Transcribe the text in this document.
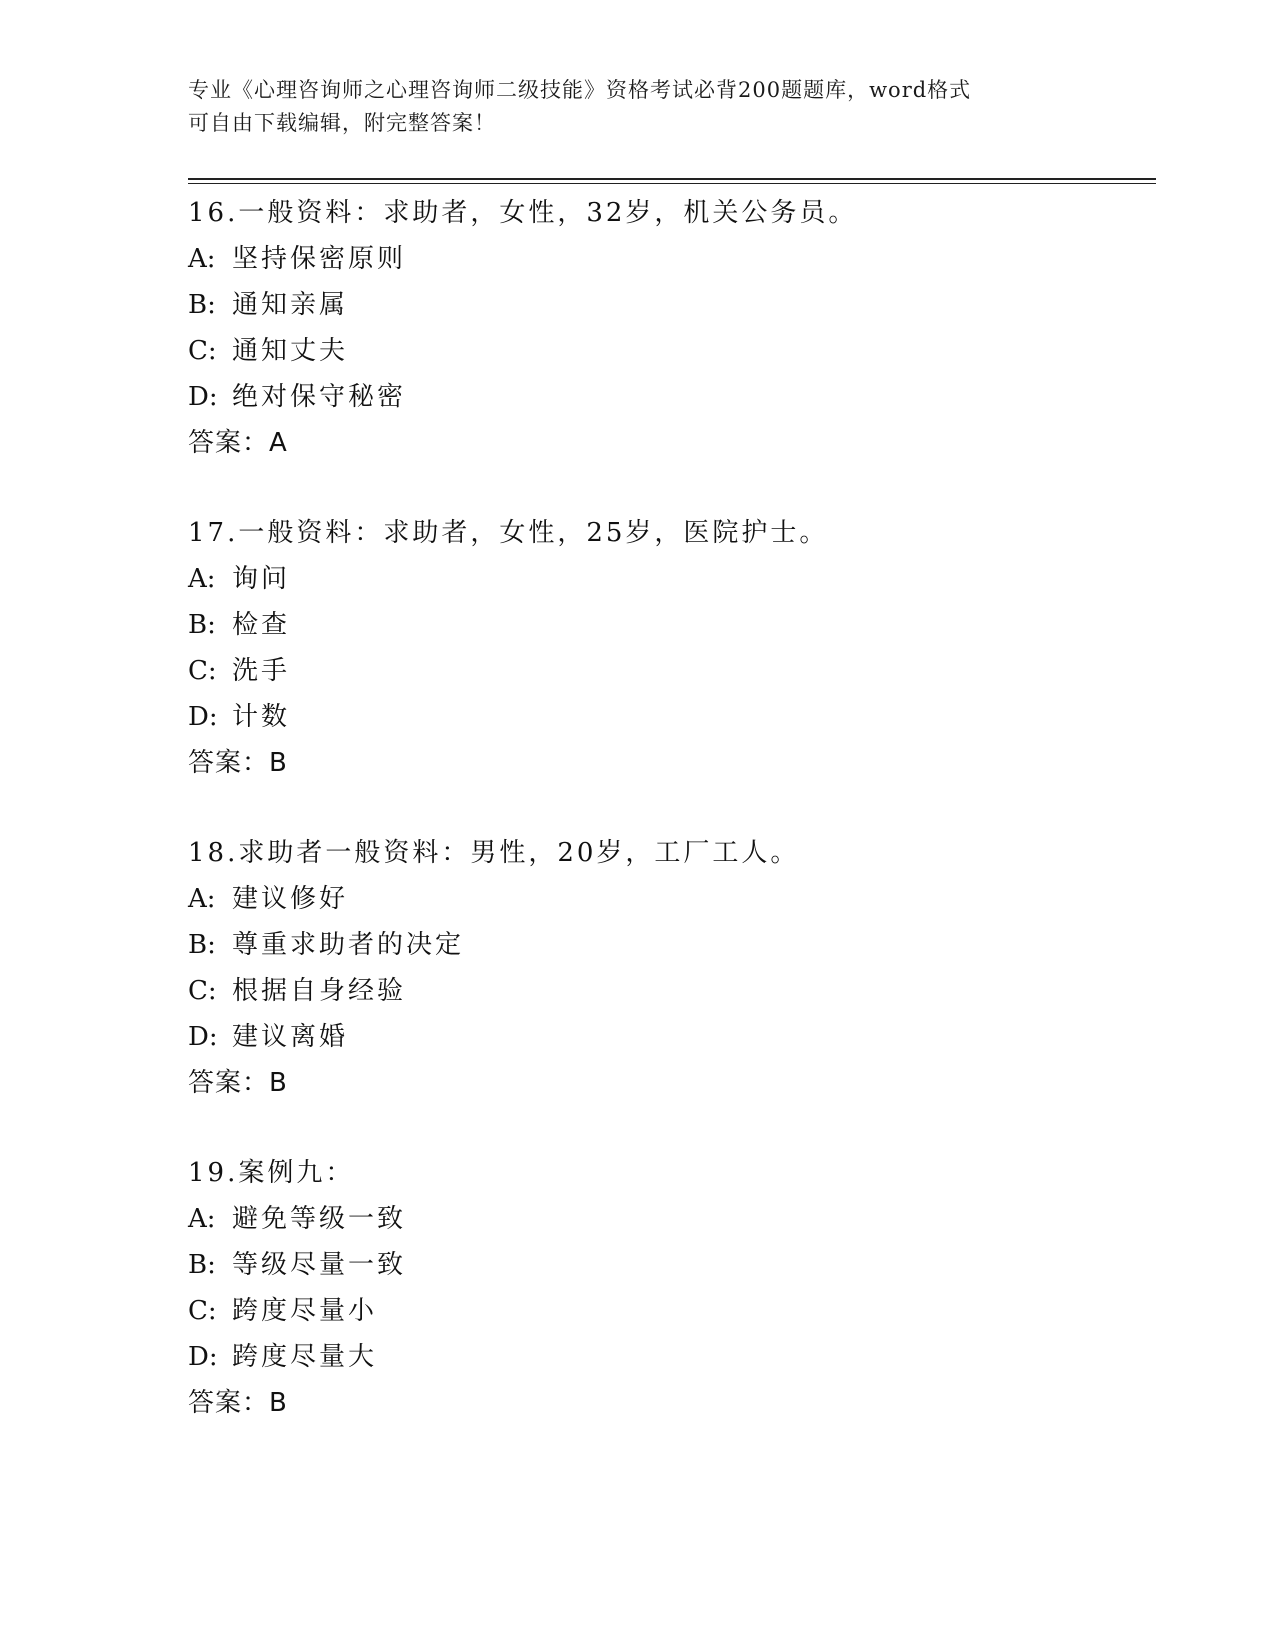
专业《心理咨询师之心理咨询师二级技能》资格考试必背200题题库，word格式
可自由下载编辑，附完整答案！
16.一般资料：求助者，女性，32岁，机关公务员。
A: 坚持保密原则
B: 通知亲属
C: 通知丈夫
D: 绝对保守秘密
答案：A
17.一般资料：求助者，女性，25岁，医院护士。
A: 询问
B: 检查
C: 洗手
D: 计数
答案：B
18.求助者一般资料：男性，20岁，工厂工人。
A: 建议修好
B: 尊重求助者的决定
C: 根据自身经验
D: 建议离婚
答案：B
19.案例九：
A: 避免等级一致
B: 等级尽量一致
C: 跨度尽量小
D: 跨度尽量大
答案：B
